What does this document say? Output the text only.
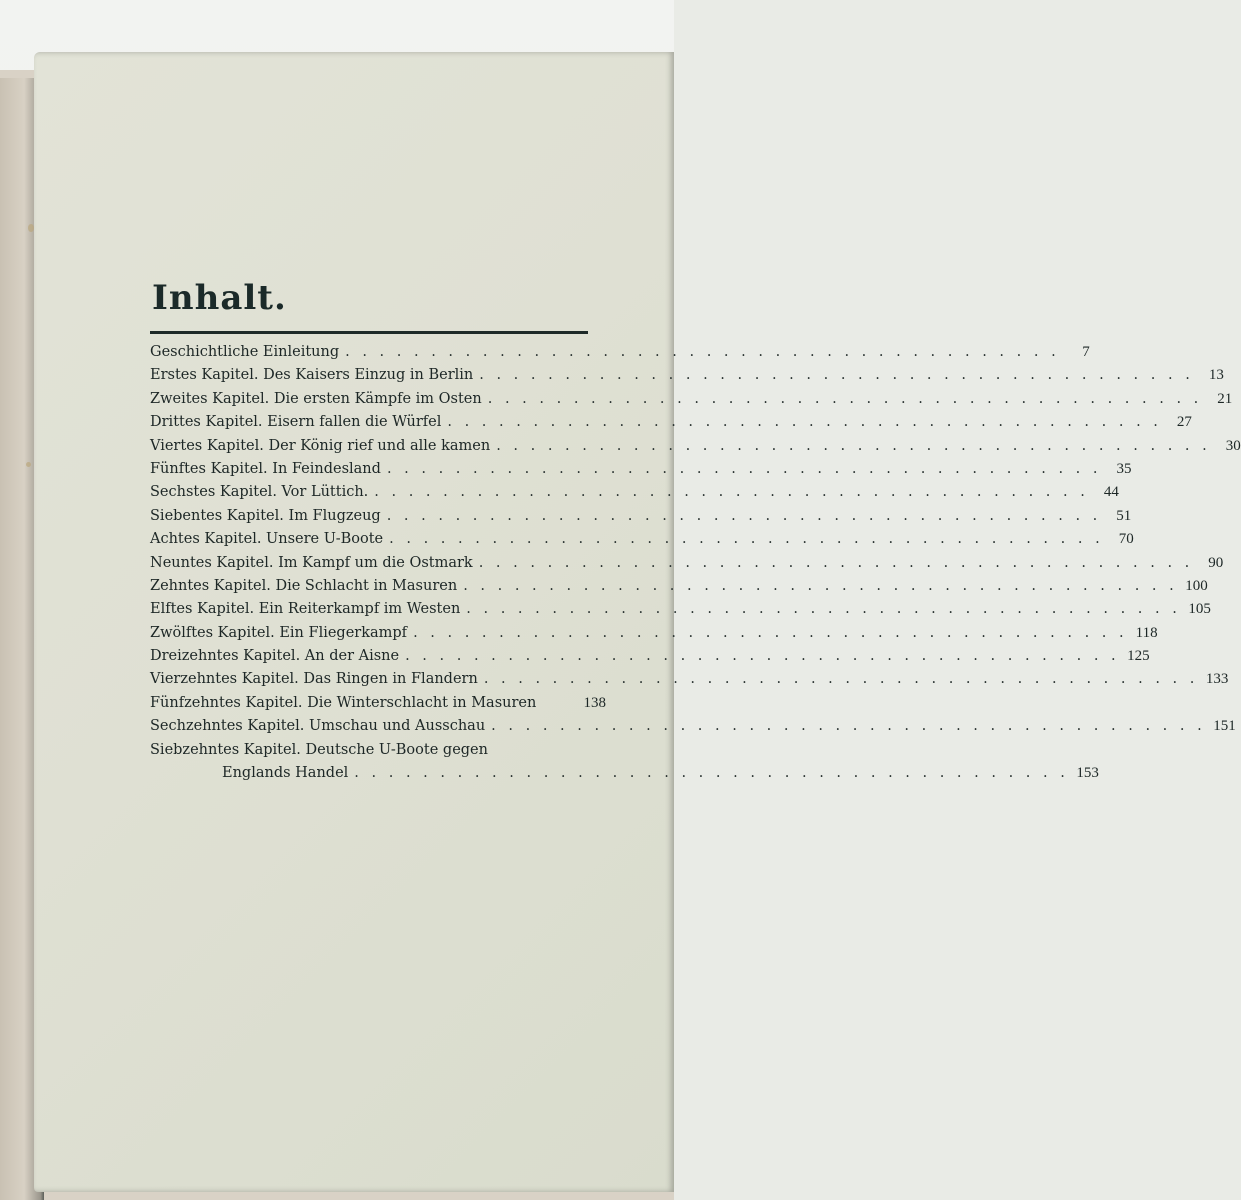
Inhalt.
Geschichtliche Einleitung . . .	7
Erstes Kapitel. Des Kaisers Einzug in Berlin . . .	13
Zweites Kapitel. Die ersten Kämpfe im Osten . . .	21
Drittes Kapitel. Eisern fallen die Würfel . . .	27
Viertes Kapitel. Der König rief und alle kamen . . .	30
Fünftes Kapitel. In Feindesland . . .	35
Sechstes Kapitel. Vor Lüttich. . . .	44
Siebentes Kapitel. Im Flugzeug . . .	51
Achtes Kapitel. Unsere U-Boote . . .	70
Neuntes Kapitel. Im Kampf um die Ostmark . . .	90
Zehntes Kapitel. Die Schlacht in Masuren . . .	100
Elftes Kapitel. Ein Reiterkampf im Westen . . .	105
Zwölftes Kapitel. Ein Fliegerkampf . . .	118
Dreizehntes Kapitel. An der Aisne . . .	125
Vierzehntes Kapitel. Das Ringen in Flandern . . .	133
Fünfzehntes Kapitel. Die Winterschlacht in Masuren	138
Sechzehntes Kapitel. Umschau und Ausschau . . .	151
Siebzehntes Kapitel. Deutsche U-Boote gegen
Englands Handel . . .	153
